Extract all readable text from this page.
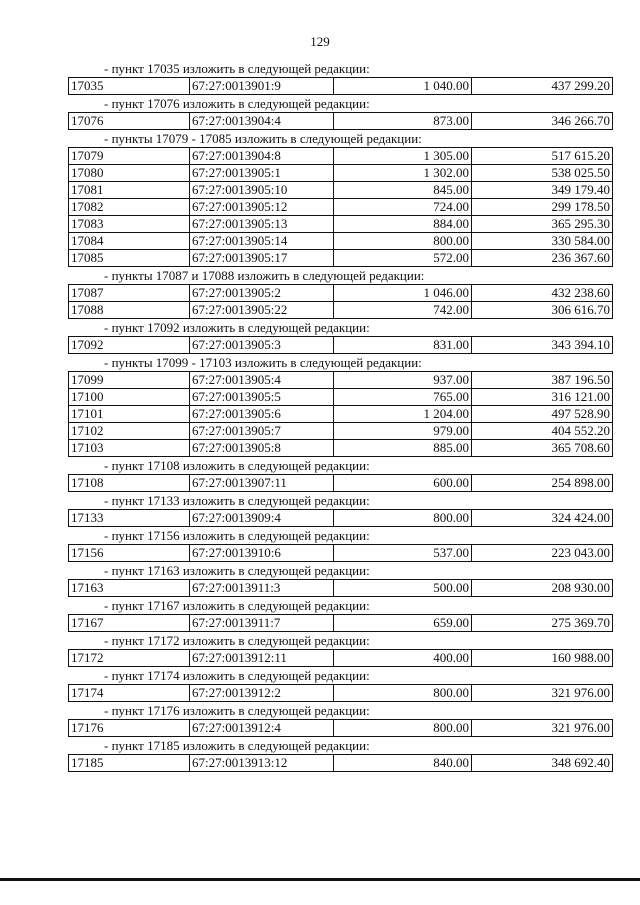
129
- пункт 17035 изложить в следующей редакции:
17035	67:27:0013901:9	1 040.00	437 299.20
- пункт 17076 изложить в следующей редакции:
17076	67:27:0013904:4	873.00	346 266.70
- пункты 17079 - 17085 изложить в следующей редакции:
17079	67:27:0013904:8	1 305.00	517 615.20
17080	67:27:0013905:1	1 302.00	538 025.50
17081	67:27:0013905:10	845.00	349 179.40
17082	67:27:0013905:12	724.00	299 178.50
17083	67:27:0013905:13	884.00	365 295.30
17084	67:27:0013905:14	800.00	330 584.00
17085	67:27:0013905:17	572.00	236 367.60
- пункты 17087 и 17088 изложить в следующей редакции:
17087	67:27:0013905:2	1 046.00	432 238.60
17088	67:27:0013905:22	742.00	306 616.70
- пункт 17092 изложить в следующей редакции:
17092	67:27:0013905:3	831.00	343 394.10
- пункты 17099 - 17103 изложить в следующей редакции:
17099	67:27:0013905:4	937.00	387 196.50
17100	67:27:0013905:5	765.00	316 121.00
17101	67:27:0013905:6	1 204.00	497 528.90
17102	67:27:0013905:7	979.00	404 552.20
17103	67:27:0013905:8	885.00	365 708.60
- пункт 17108 изложить в следующей редакции:
17108	67:27:0013907:11	600.00	254 898.00
- пункт 17133 изложить в следующей редакции:
17133	67:27:0013909:4	800.00	324 424.00
- пункт 17156 изложить в следующей редакции:
17156	67:27:0013910:6	537.00	223 043.00
- пункт 17163 изложить в следующей редакции:
17163	67:27:0013911:3	500.00	208 930.00
- пункт 17167 изложить в следующей редакции:
17167	67:27:0013911:7	659.00	275 369.70
- пункт 17172 изложить в следующей редакции:
17172	67:27:0013912:11	400.00	160 988.00
- пункт 17174 изложить в следующей редакции:
17174	67:27:0013912:2	800.00	321 976.00
- пункт 17176 изложить в следующей редакции:
17176	67:27:0013912:4	800.00	321 976.00
- пункт 17185 изложить в следующей редакции:
17185	67:27:0013913:12	840.00	348 692.40
